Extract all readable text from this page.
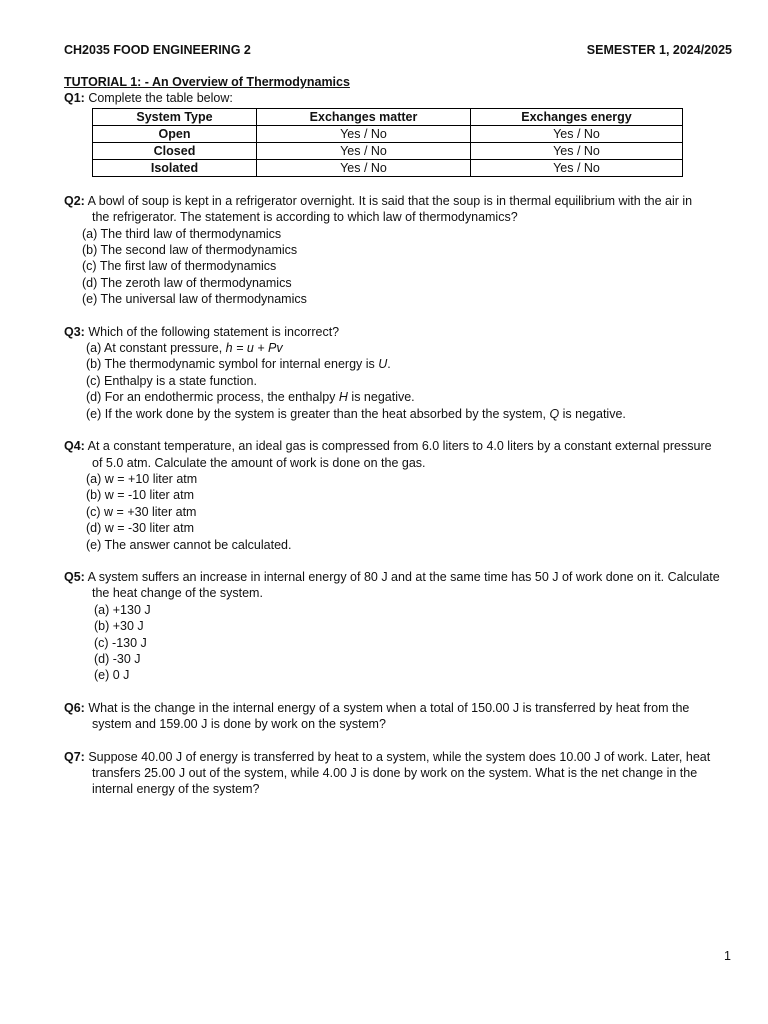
CH2035 FOOD ENGINEERING 2	SEMESTER 1, 2024/2025
TUTORIAL 1: - An Overview of Thermodynamics
Q1: Complete the table below:
System Type	Exchanges matter	Exchanges energy
Open	Yes / No	Yes / No
Closed	Yes / No	Yes / No
Isolated	Yes / No	Yes / No
Q2: A bowl of soup is kept in a refrigerator overnight. It is said that the soup is in thermal equilibrium with the air in
the refrigerator. The statement is according to which law of thermodynamics?
(a) The third law of thermodynamics
(b) The second law of thermodynamics
(c) The first law of thermodynamics
(d) The zeroth law of thermodynamics
(e) The universal law of thermodynamics
Q3: Which of the following statement is incorrect?
(a) At constant pressure, h = u + Pv
(b) The thermodynamic symbol for internal energy is U.
(c) Enthalpy is a state function.
(d) For an endothermic process, the enthalpy H is negative.
(e) If the work done by the system is greater than the heat absorbed by the system, Q is negative.
Q4: At a constant temperature, an ideal gas is compressed from 6.0 liters to 4.0 liters by a constant external pressure
of 5.0 atm. Calculate the amount of work is done on the gas.
(a) w = +10 liter atm
(b) w = -10 liter atm
(c) w = +30 liter atm
(d) w = -30 liter atm
(e) The answer cannot be calculated.
Q5: A system suffers an increase in internal energy of 80 J and at the same time has 50 J of work done on it. Calculate
the heat change of the system.
(a) +130 J
(b) +30 J
(c) -130 J
(d) -30 J
(e) 0 J
Q6: What is the change in the internal energy of a system when a total of 150.00 J is transferred by heat from the
system and 159.00 J is done by work on the system?
Q7: Suppose 40.00 J of energy is transferred by heat to a system, while the system does 10.00 J of work. Later, heat
transfers 25.00 J out of the system, while 4.00 J is done by work on the system. What is the net change in the
internal energy of the system?
1
